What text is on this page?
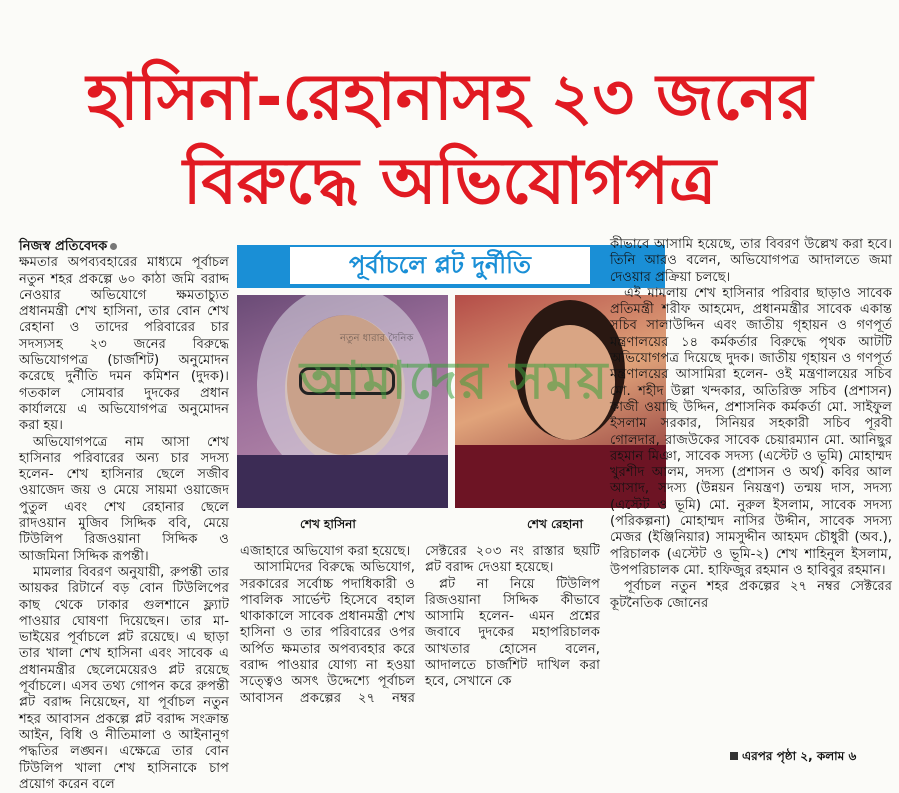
হাসিনা-রেহানাসহ ২৩ জনের
বিরুদ্ধে অভিযোগপত্র

নিজস্ব প্রতিবেদক

ক্ষমতার অপব্যবহারের মাধ্যমে পূর্বাচল নতুন শহর প্রকল্পে ৬০ কাঠা জমি বরাদ্দ নেওয়ার অভিযোগে ক্ষমতাচ্যুত প্রধানমন্ত্রী শেখ হাসিনা, তার বোন শেখ রেহানা ও তাদের পরিবারের চার সদস্যসহ ২৩ জনের বিরুদ্ধে অভিযোগপত্র (চার্জশিট) অনুমোদন করেছে দুর্নীতি দমন কমিশন (দুদক)। গতকাল সোমবার দুদকের প্রধান কার্যালয়ে এ অভিযোগপত্র অনুমোদন করা হয়।

অভিযোগপত্রে নাম আসা শেখ হাসিনার পরিবারের অন্য চার সদস্য হলেন- শেখ হাসিনার ছেলে সজীব ওয়াজেদ জয় ও মেয়ে সায়মা ওয়াজেদ পুতুল এবং শেখ রেহানার ছেলে রাদওয়ান মুজিব সিদ্দিক ববি, মেয়ে টিউলিপ রিজওয়ানা সিদ্দিক ও আজমিনা সিদ্দিক রূপন্তী।

মামলার বিবরণ অনুযায়ী, রুপন্তী তার আয়কর রিটার্নে বড় বোন টিউলিপের কাছ থেকে ঢাকার গুলশানে ফ্ল্যাট পাওয়ার ঘোষণা দিয়েছেন। তার মা-ভাইয়ের পূর্বাচলে প্লট রয়েছে। এ ছাড়া তার খালা শেখ হাসিনা এবং সাবেক এ প্রধানমন্ত্রীর ছেলেমেয়েরও প্লট রয়েছে পূর্বাচলে। এসব তথ্য গোপন করে রুপন্তী প্লট বরাদ্দ নিয়েছেন, যা পূর্বাচল নতুন শহর আবাসন প্রকল্পে প্লট বরাদ্দ সংক্রান্ত আইন, বিধি ও নীতিমালা ও আইনানুগ পদ্ধতির লঙ্ঘন। এক্ষেত্রে তার বোন টিউলিপ খালা শেখ হাসিনাকে চাপ প্রয়োগ করেন বলে

পূর্বাচলে প্লট দুর্নীতি
নতুন ধারার দৈনিক
আমাদের সময়
শেখ হাসিনা	শেখ রেহানা

এজাহারে অভিযোগ করা হয়েছে।

আসামিদের বিরুদ্ধে অভিযোগ, সরকারের সর্বোচ্চ পদাধিকারী ও পাবলিক সার্ভেন্ট হিসেবে বহাল থাকাকালে সাবেক প্রধানমন্ত্রী শেখ হাসিনা ও তার পরিবারের ওপর অর্পিত ক্ষমতার অপব্যবহার করে বরাদ্দ পাওয়ার যোগ্য না হওয়া সত্ত্বেও অসৎ উদ্দেশ্যে পূর্বাচল আবাসন প্রকল্পের ২৭ নম্বর সেক্টরের ২০৩ নং রাস্তার ছয়টি প্লট বরাদ্দ দেওয়া হয়েছে।

প্লট না নিয়ে টিউলিপ রিজওয়ানা সিদ্দিক কীভাবে আসামি হলেন- এমন প্রশ্নের জবাবে দুদকের মহাপরিচালক আখতার হোসেন বলেন, আদালতে চার্জশিট দাখিল করা হবে, সেখানে কে

কীভাবে আসামি হয়েছে, তার বিবরণ উল্লেখ করা হবে। তিনি আরও বলেন, অভিযোগপত্র আদালতে জমা দেওয়ার প্রক্রিয়া চলছে।

এই মামলায় শেখ হাসিনার পরিবার ছাড়াও সাবেক প্রতিমন্ত্রী শরীফ আহমেদ, প্রধানমন্ত্রীর সাবেক একান্ত সচিব সালাউদ্দিন এবং জাতীয় গৃহায়ন ও গণপূর্ত মন্ত্রণালয়ের ১৪ কর্মকর্তার বিরুদ্ধে পৃথক আটটি অভিযোগপত্র দিয়েছে দুদক। জাতীয় গৃহায়ন ও গণপূর্ত মন্ত্রণালয়ের আসামিরা হলেন- ওই মন্ত্রণালয়ের সচিব মো. শহীদ উল্লা খন্দকার, অতিরিক্ত সচিব (প্রশাসন) কাজী ওয়াছি উদ্দিন, প্রশাসনিক কর্মকর্তা মো. সাইফুল ইসলাম সরকার, সিনিয়র সহকারী সচিব পূরবী গোলদার, রাজউকের সাবেক চেয়ারম্যান মো. আনিছুর রহমান মিঞা, সাবেক সদস্য (এস্টেট ও ভূমি) মোহাম্মদ খুরশীদ আলম, সদস্য (প্রশাসন ও অর্থ) কবির আল আসাদ, সদস্য (উন্নয়ন নিয়ন্ত্রণ) তন্ময় দাস, সদস্য (এস্টেট ও ভূমি) মো. নুরুল ইসলাম, সাবেক সদস্য (পরিকল্পনা) মোহাম্মদ নাসির উদ্দীন, সাবেক সদস্য মেজর (ইঞ্জিনিয়ার) সামসুদ্দীন আহমদ চৌধুরী (অব.), পরিচালক (এস্টেট ও ভূমি-২) শেখ শাহিনুল ইসলাম, উপপরিচালক মো. হাফিজুর রহমান ও হাবিবুর রহমান।

পূর্বাচল নতুন শহর প্রকল্পের ২৭ নম্বর সেক্টরের কূটনৈতিক জোনের

এরপর পৃষ্ঠা ২, কলাম ৬
